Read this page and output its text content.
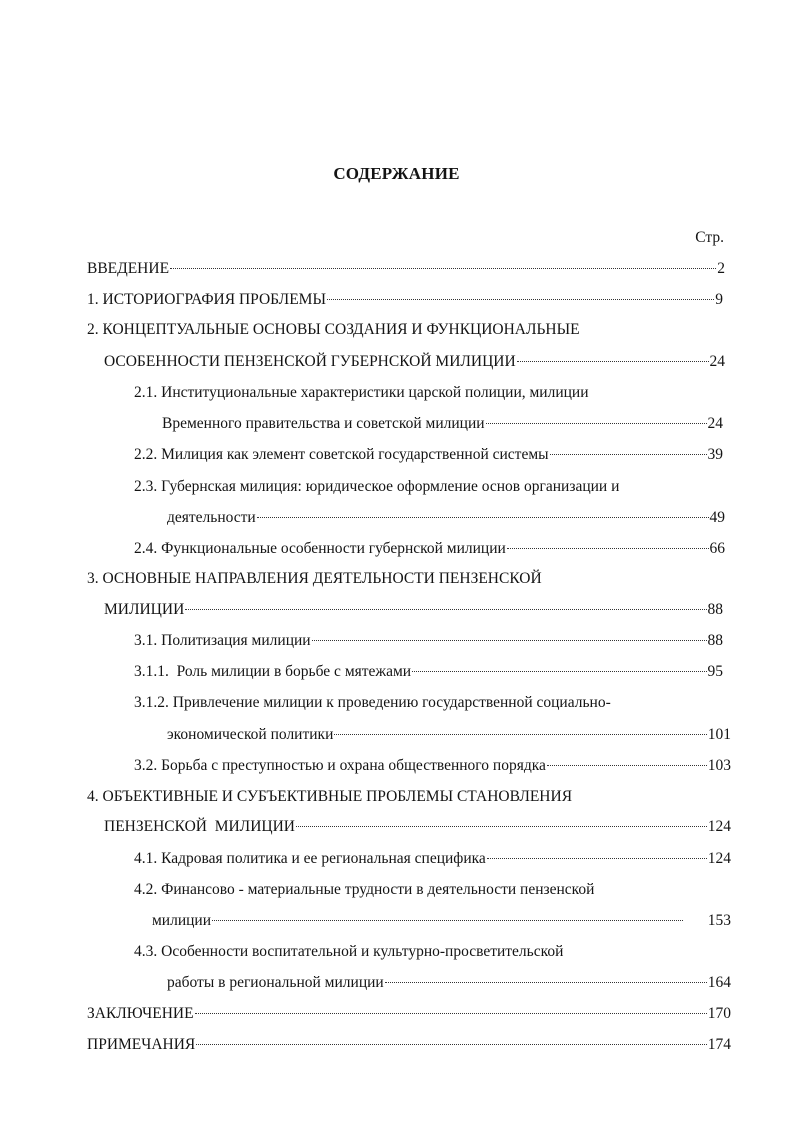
СОДЕРЖАНИЕ
Стр.
ВВЕДЕНИЕ	2
1. ИСТОРИОГРАФИЯ ПРОБЛЕМЫ	9
2. КОНЦЕПТУАЛЬНЫЕ ОСНОВЫ СОЗДАНИЯ И ФУНКЦИОНАЛЬНЫЕ
ОСОБЕННОСТИ ПЕНЗЕНСКОЙ ГУБЕРНСКОЙ МИЛИЦИИ	24
2.1. Институциональные характеристики царской полиции, милиции
Временного правительства и советской милиции	24
2.2. Милиция как элемент советской государственной системы	39
2.3. Губернская милиция: юридическое оформление основ организации и
деятельности	49
2.4. Функциональные особенности губернской милиции	66
3. ОСНОВНЫЕ НАПРАВЛЕНИЯ ДЕЯТЕЛЬНОСТИ ПЕНЗЕНСКОЙ
МИЛИЦИИ	88
3.1. Политизация милиции	88
3.1.1.  Роль милиции в борьбе с мятежами	95
3.1.2. Привлечение милиции к проведению государственной социально-
экономической политики	101
3.2. Борьба с преступностью и охрана общественного порядка	103
4. ОБЪЕКТИВНЫЕ И СУБЪЕКТИВНЫЕ ПРОБЛЕМЫ СТАНОВЛЕНИЯ
ПЕНЗЕНСКОЙ  МИЛИЦИИ	124
4.1. Кадровая политика и ее региональная специфика	124
4.2. Финансово - материальные трудности в деятельности пензенской
милиции	153
4.3. Особенности воспитательной и культурно-просветительской
работы в региональной милиции	164
ЗАКЛЮЧЕНИЕ	170
ПРИМЕЧАНИЯ	174
